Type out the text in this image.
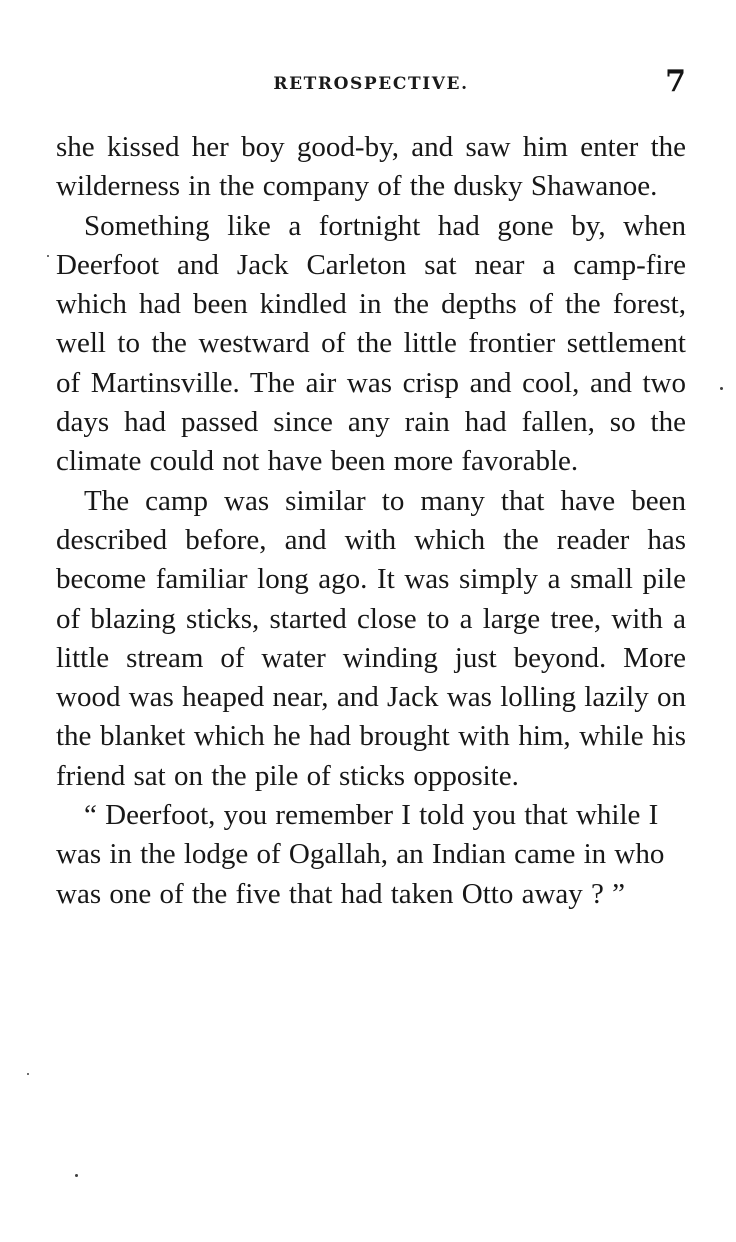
RETROSPECTIVE.	7

she kissed her boy good-by, and saw him enter the wilderness in the company of the dusky Shawanoe.

Something like a fortnight had gone by, when Deerfoot and Jack Carleton sat near a camp-fire which had been kindled in the depths of the forest, well to the westward of the little frontier settlement of Martinsville. The air was crisp and cool, and two days had passed since any rain had fallen, so the climate could not have been more favorable.

The camp was similar to many that have been described before, and with which the reader has become familiar long ago. It was simply a small pile of blazing sticks, started close to a large tree, with a little stream of water winding just beyond. More wood was heaped near, and Jack was lolling lazily on the blanket which he had brought with him, while his friend sat on the pile of sticks opposite.

“ Deerfoot, you remember I told you that while I was in the lodge of Ogallah, an Indian came in who was one of the five that had taken Otto away ? ”
